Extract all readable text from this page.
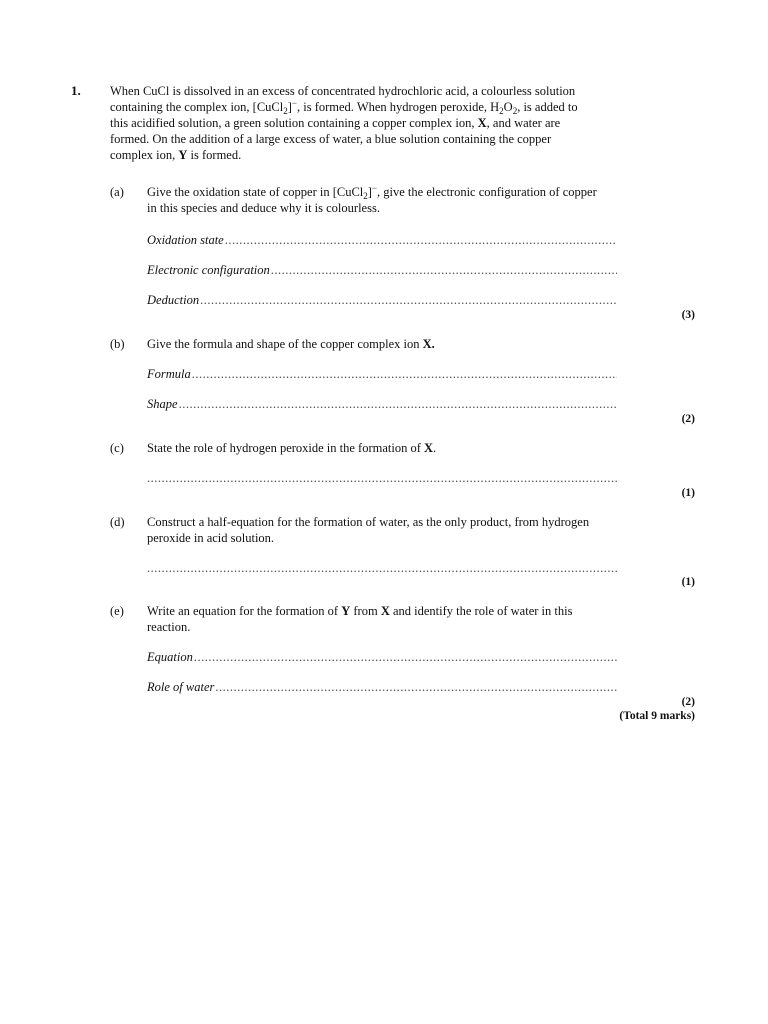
1. When CuCl is dissolved in an excess of concentrated hydrochloric acid, a colourless solution
containing the complex ion, [CuCl$_2$]−, is formed. When hydrogen peroxide, $H_2O_2$, is added to
this acidified solution, a green solution containing a copper complex ion, X, and water are
formed. On the addition of a large excess of water, a blue solution containing the copper
complex ion, Y is formed.
(a) Give the oxidation state of copper in [CuCl$_2$]−, give the electronic configuration of copper
in this species and deduce why it is colourless.
Oxidation state
.....
Electronic configuration
.....
Deduction
.....
(3)
(b) Give the formula and shape of the copper complex ion X.
Formula
.....
Shape
.....
(2)
(c) State the role of hydrogen peroxide in the formation of X.
.....
(1)
(d) Construct a half-equation for the formation of water, as the only product, from hydrogen
peroxide in acid solution.
.....
(1)
(e) Write an equation for the formation of Y from X and identify the role of water in this
reaction.
Equation
.....
Role of water
.....
(2)
(Total 9 marks)
